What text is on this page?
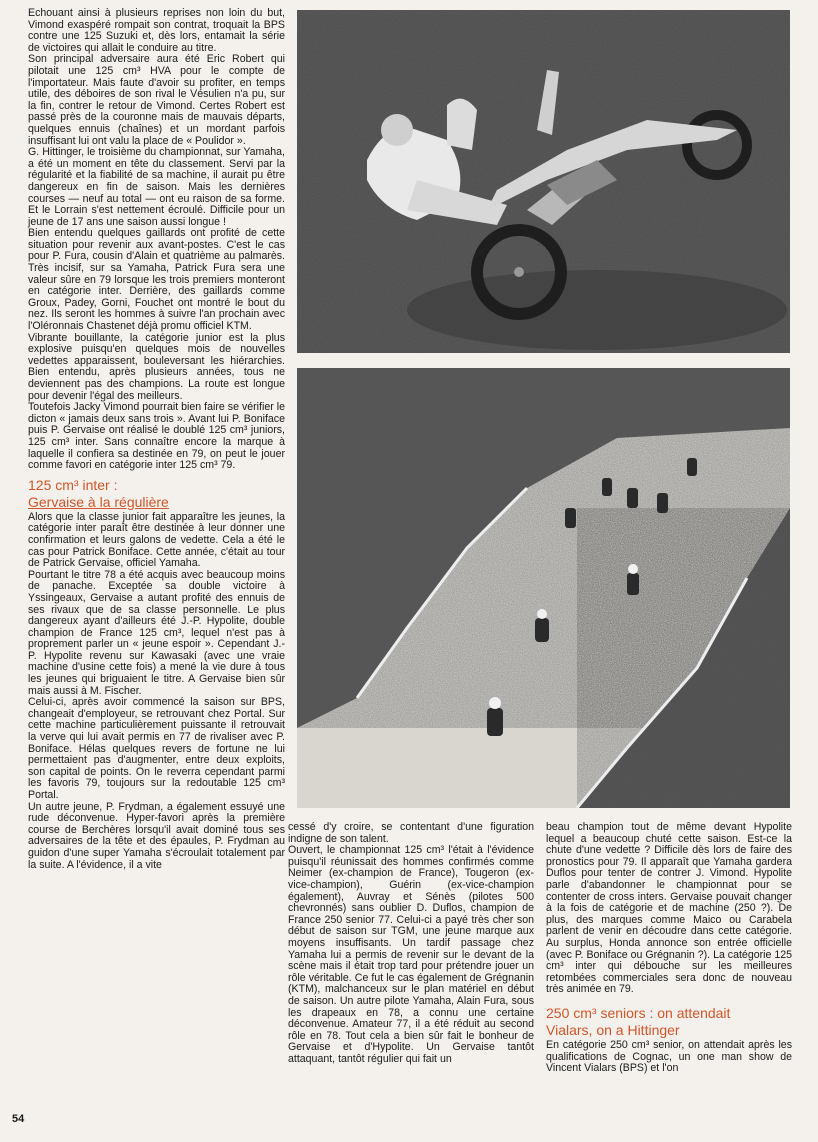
Echouant ainsi à plusieurs reprises non loin du but, Vimond exaspéré rompait son contrat, troquait la BPS contre une 125 Suzuki et, dès lors, entamait la série de victoires qui allait le conduire au titre.

Son principal adversaire aura été Eric Robert qui pilotait une 125 cm³ HVA pour le compte de l'importateur. Mais faute d'avoir su profiter, en temps utile, des déboires de son rival le Vésulien n'a pu, sur la fin, contrer le retour de Vimond. Certes Robert est passé près de la couronne mais de mauvais départs, quelques ennuis (chaînes) et un mordant parfois insuffisant lui ont valu la place de « Poulidor ».

G. Hittinger, le troisième du championnat, sur Yamaha, a été un moment en tête du classement. Servi par la régularité et la fiabilité de sa machine, il aurait pu être dangereux en fin de saison. Mais les dernières courses — neuf au total — ont eu raison de sa forme. Et le Lorrain s'est nettement écroulé. Difficile pour un jeune de 17 ans une saison aussi longue !

Bien entendu quelques gaillards ont profité de cette situation pour revenir aux avant-postes. C'est le cas pour P. Fura, cousin d'Alain et quatrième au palmarès. Très incisif, sur sa Yamaha, Patrick Fura sera une valeur sûre en 79 lorsque les trois premiers monteront en catégorie inter. Derrière, des gaillards comme Groux, Padey, Gorni, Fouchet ont montré le bout du nez. Ils seront les hommes à suivre l'an prochain avec l'Oléronnais Chastenet déjà promu officiel KTM.

Vibrante bouillante, la catégorie junior est la plus explosive puisqu'en quelques mois de nouvelles vedettes apparaissent, bouleversant les hiérarchies. Bien entendu, après plusieurs années, tous ne deviennent pas des champions. La route est longue pour devenir l'égal des meilleurs.

Toutefois Jacky Vimond pourrait bien faire se vérifier le dicton « jamais deux sans trois ». Avant lui P. Boniface puis P. Gervaise ont réalisé le doublé 125 cm³ juniors, 125 cm³ inter. Sans connaître encore la marque à laquelle il confiera sa destinée en 79, on peut le jouer comme favori en catégorie inter 125 cm³ 79.

125 cm³ inter :
Gervaise à la régulière

Alors que la classe junior fait apparaître les jeunes, la catégorie inter paraît être destinée à leur donner une confirmation et leurs galons de vedette. Cela a été le cas pour Patrick Boniface. Cette année, c'était au tour de Patrick Gervaise, officiel Yamaha.

Pourtant le titre 78 a été acquis avec beaucoup moins de panache. Exceptée sa double victoire à Yssingeaux, Gervaise a autant profité des ennuis de ses rivaux que de sa classe personnelle. Le plus dangereux ayant d'ailleurs été J.-P. Hypolite, double champion de France 125 cm³, lequel n'est pas à proprement parler un « jeune espoir ». Cependant J.-P. Hypolite revenu sur Kawasaki (avec une vraie machine d'usine cette fois) a mené la vie dure à tous les jeunes qui briguaient le titre. A Gervaise bien sûr mais aussi à M. Fischer.

Celui-ci, après avoir commencé la saison sur BPS, changeait d'employeur, se retrouvant chez Portal. Sur cette machine particulièrement puissante il retrouvait la verve qui lui avait permis en 77 de rivaliser avec P. Boniface. Hélas quelques revers de fortune ne lui permettaient pas d'augmenter, entre deux exploits, son capital de points. On le reverra cependant parmi les favoris 79, toujours sur la redoutable 125 cm³ Portal.

Un autre jeune, P. Frydman, a également essuyé une rude déconvenue. Hyper-favori après la première course de Berchères lorsqu'il avait dominé tous ses adversaires de la tête et des épaules, P. Frydman au guidon d'une super Yamaha s'écroulait totalement par la suite. A l'évidence, il a vite

cessé d'y croire, se contentant d'une figuration indigne de son talent.

Ouvert, le championnat 125 cm³ l'était à l'évidence puisqu'il réunissait des hommes confirmés comme Neimer (ex-champion de France), Tougeron (ex-vice-champion), Guérin (ex-vice-champion également), Auvray et Sénès (pilotes 500 chevronnés) sans oublier D. Duflos, champion de France 250 senior 77. Celui-ci a payé très cher son début de saison sur TGM, une jeune marque aux moyens insuffisants. Un tardif passage chez Yamaha lui a permis de revenir sur le devant de la scène mais il était trop tard pour prétendre jouer un rôle véritable. Ce fut le cas également de Grégnanin (KTM), malchanceux sur le plan matériel en début de saison. Un autre pilote Yamaha, Alain Fura, sous les drapeaux en 78, a connu une certaine déconvenue. Amateur 77, il a été réduit au second rôle en 78. Tout cela a bien sûr fait le bonheur de Gervaise et d'Hypolite. Un Gervaise tantôt attaquant, tantôt régulier qui fait un

beau champion tout de même devant Hypolite lequel a beaucoup chuté cette saison. Est-ce la chute d'une vedette ? Difficile dès lors de faire des pronostics pour 79. Il apparaît que Yamaha gardera Duflos pour tenter de contrer J. Vimond. Hypolite parle d'abandonner le championnat pour se contenter de cross inters. Gervaise pouvait changer à la fois de catégorie et de machine (250 ?). De plus, des marques comme Maico ou Carabela parlent de venir en découdre dans cette catégorie. Au surplus, Honda annonce son entrée officielle (avec P. Boniface ou Grégnanin ?). La catégorie 125 cm³ inter qui débouche sur les meilleures retombées commerciales sera donc de nouveau très animée en 79.

250 cm³ seniors : on attendait
Vialars, on a Hittinger

En catégorie 250 cm³ senior, on attendait après les qualifications de Cognac, un one man show de Vincent Vialars (BPS) et l'on

54
